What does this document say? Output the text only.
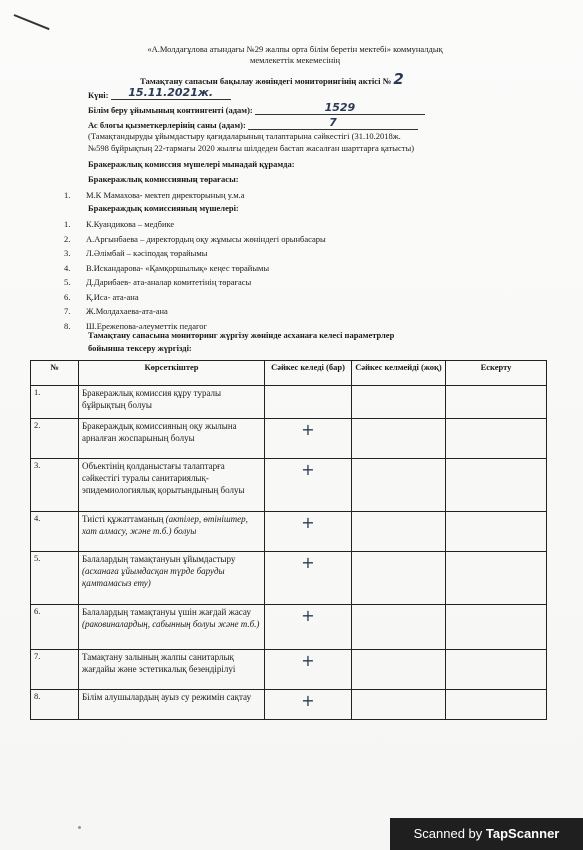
«А.Молдағұлова атындағы №29 жалпы орта білім беретін мектебі» коммуналдық
мемлекеттік мекемесінің
Тамақтану сапасын бақылау жөніндегі мониторингінің актісі № 2
Күні: 15.11.2021ж.
Білім беру ұйымының контингенті (адам):	1529
Ас блогы қызметкерлерінің саны (адам):	7
(Тамақтандыруды ұйымдастыру қағидаларының талаптарына сәйкестігі (31.10.2018ж.
№598 бұйрықтың 22-тармағы 2020 жылғы шілдеден бастап жасалған шарттарға қатысты)
Бракеражлық комиссия мүшелері мынадай құрамда:
Бракеражлық комиссияның төрағасы:
1. М.К Мамахова- мектеп директорының у.м.а
Бракераждық комиссияның мүшелері:
1. К.Куандикова – медбике
2. А.Аргынбаева – директордың оқу жұмысы жөніндегі орынбасары
3. Л.Әлімбай – кәсіподақ төрайымы
4. В.Искандарова- «Қамқоршылық» кеңес төрайымы
5. Д.Дарибаев- ата-аналар комитетінің төрағасы
6. Қ.Иса- ата-ана
7. Ж.Молдахаева-ата-ана
8. Ш.Ережепова-әлеуметтік педагог
Тамақтану сапасына мониторинг жүргізу жөнінде асханаға келесі параметрлер
бойынша тексеру жүргізді:
№	Көрсеткіштер	Сәйкес келеді (бар)	Сәйкес келмейді (жоқ)	Ескерту
1.	Бракеражлық комиссия құру туралы бұйрықтың болуы			
2.	Бракераждық комиссияның оқу жылына арналған жоспарының болуы	+		
3.	Объектінің қолданыстағы талаптарға сәйкестігі туралы санитариялық-эпидемиологиялық қорытындының болуы	+		
4.	Тиісті құжаттаманың (актілер, өтініштер, хат алмасу, және т.б.) болуы	+		
5.	Балалардың тамақтануын ұйымдастыру (асханаға ұйымдасқан түрде баруды қамтамасыз ету)	+		
6.	Балалардың тамақтануы үшін жағдай жасау (раковиналардың, сабынның болуы және т.б.)	+		
7.	Тамақтану залының жалпы санитарлық жағдайы және эстетикалық безендірілуі	+		
8.	Білім алушылардың ауыз су режимін сақтау	+		
Scanned by TapScanner
